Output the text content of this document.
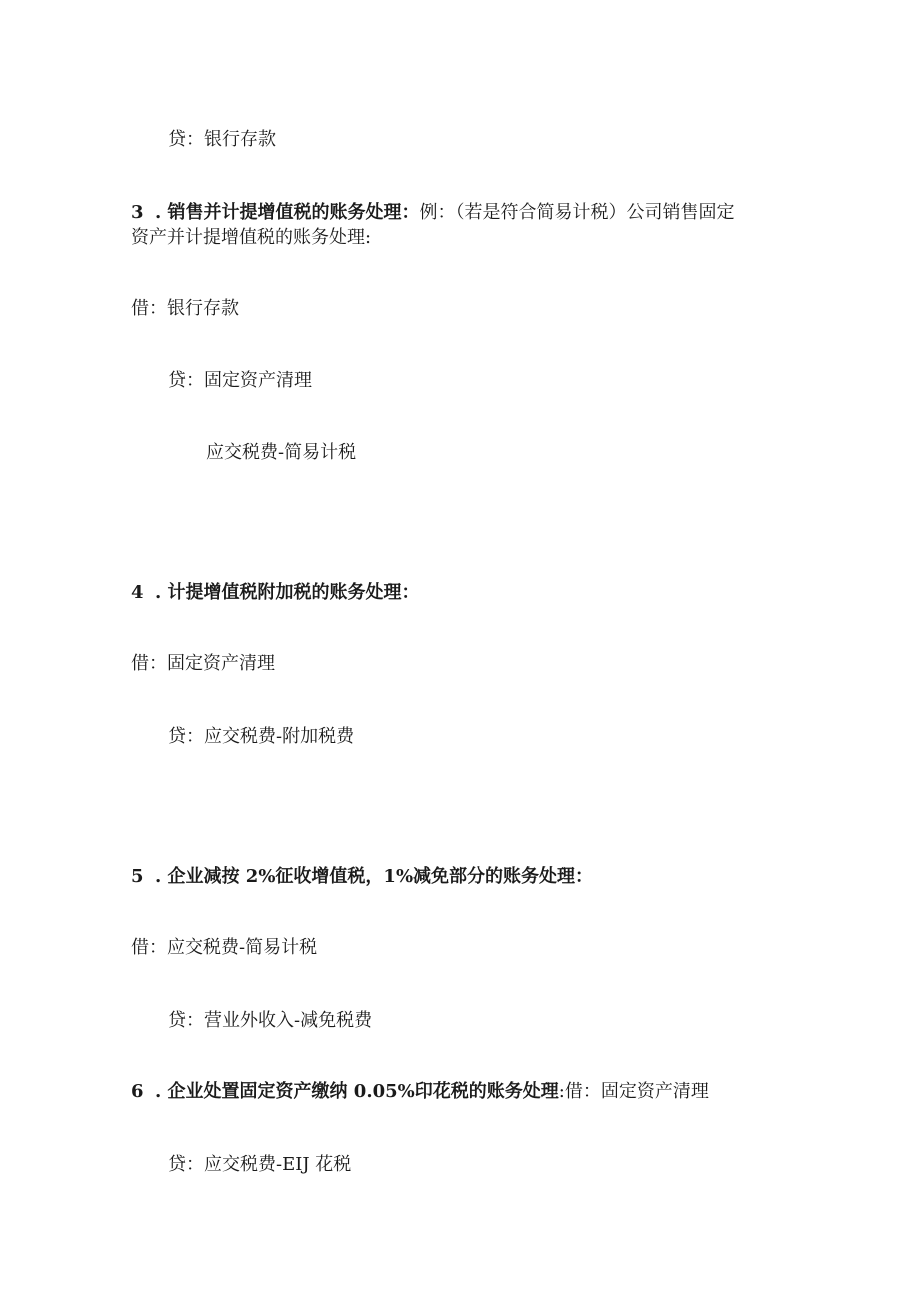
贷：银行存款
3 . 销售并计提增值税的账务处理：例：（若是符合简易计税）公司销售固定
资产并计提增值税的账务处理:
借：银行存款
贷：固定资产清理
应交税费-简易计税
4 . 计提增值税附加税的账务处理：
借：固定资产清理
贷：应交税费-附加税费
5 . 企业减按 2%征收增值税，1%减免部分的账务处理：
借：应交税费-简易计税
贷：营业外收入-减免税费
6 . 企业处置固定资产缴纳 0.05%印花税的账务处理:借：固定资产清理
贷：应交税费-EIJ 花税
